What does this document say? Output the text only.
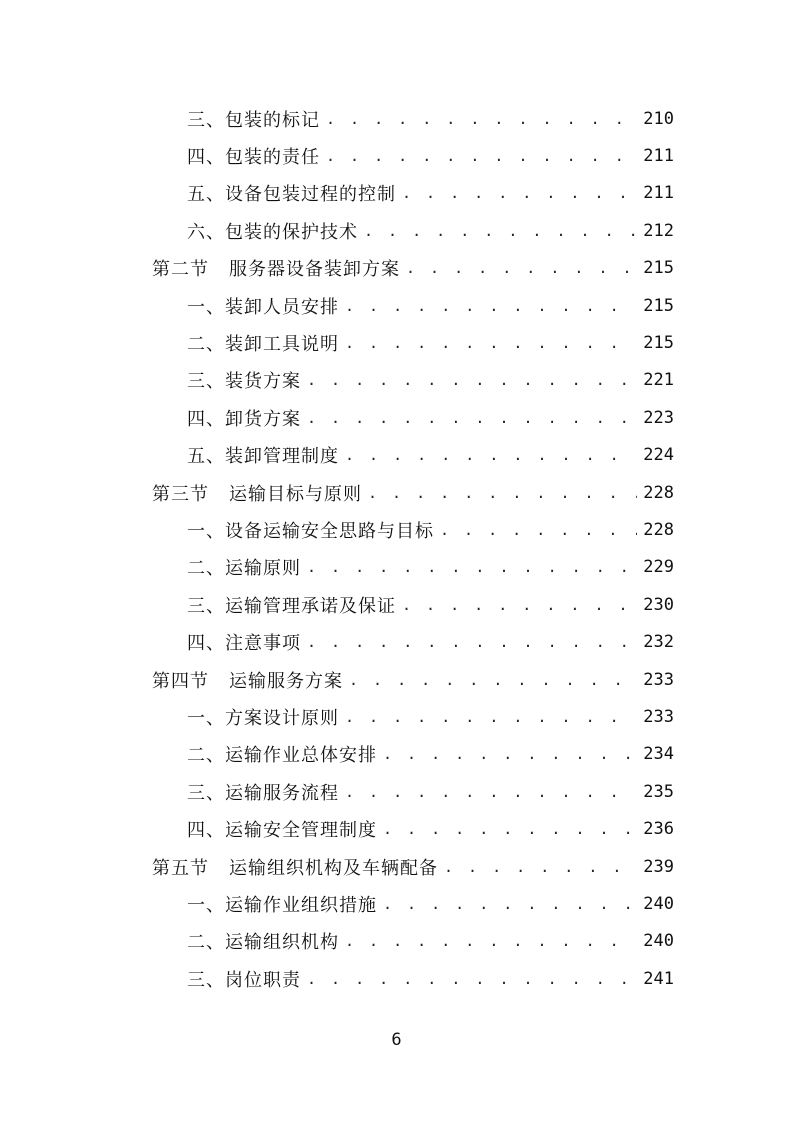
三、包装的标记 . . .	210
四、包装的责任 . . .	211
五、设备包装过程的控制 . . .	211
六、包装的保护技术 . . .	212
第二节 服务器设备装卸方案 . . .	215
一、装卸人员安排 . . .	215
二、装卸工具说明 . . .	215
三、装货方案 . . .	221
四、卸货方案 . . .	223
五、装卸管理制度 . . .	224
第三节 运输目标与原则 . . .	228
一、设备运输安全思路与目标 . . .	228
二、运输原则 . . .	229
三、运输管理承诺及保证 . . .	230
四、注意事项 . . .	232
第四节 运输服务方案 . . .	233
一、方案设计原则 . . .	233
二、运输作业总体安排 . . .	234
三、运输服务流程 . . .	235
四、运输安全管理制度 . . .	236
第五节 运输组织机构及车辆配备 . . .	239
一、运输作业组织措施 . . .	240
二、运输组织机构 . . .	240
三、岗位职责 . . .	241
6
